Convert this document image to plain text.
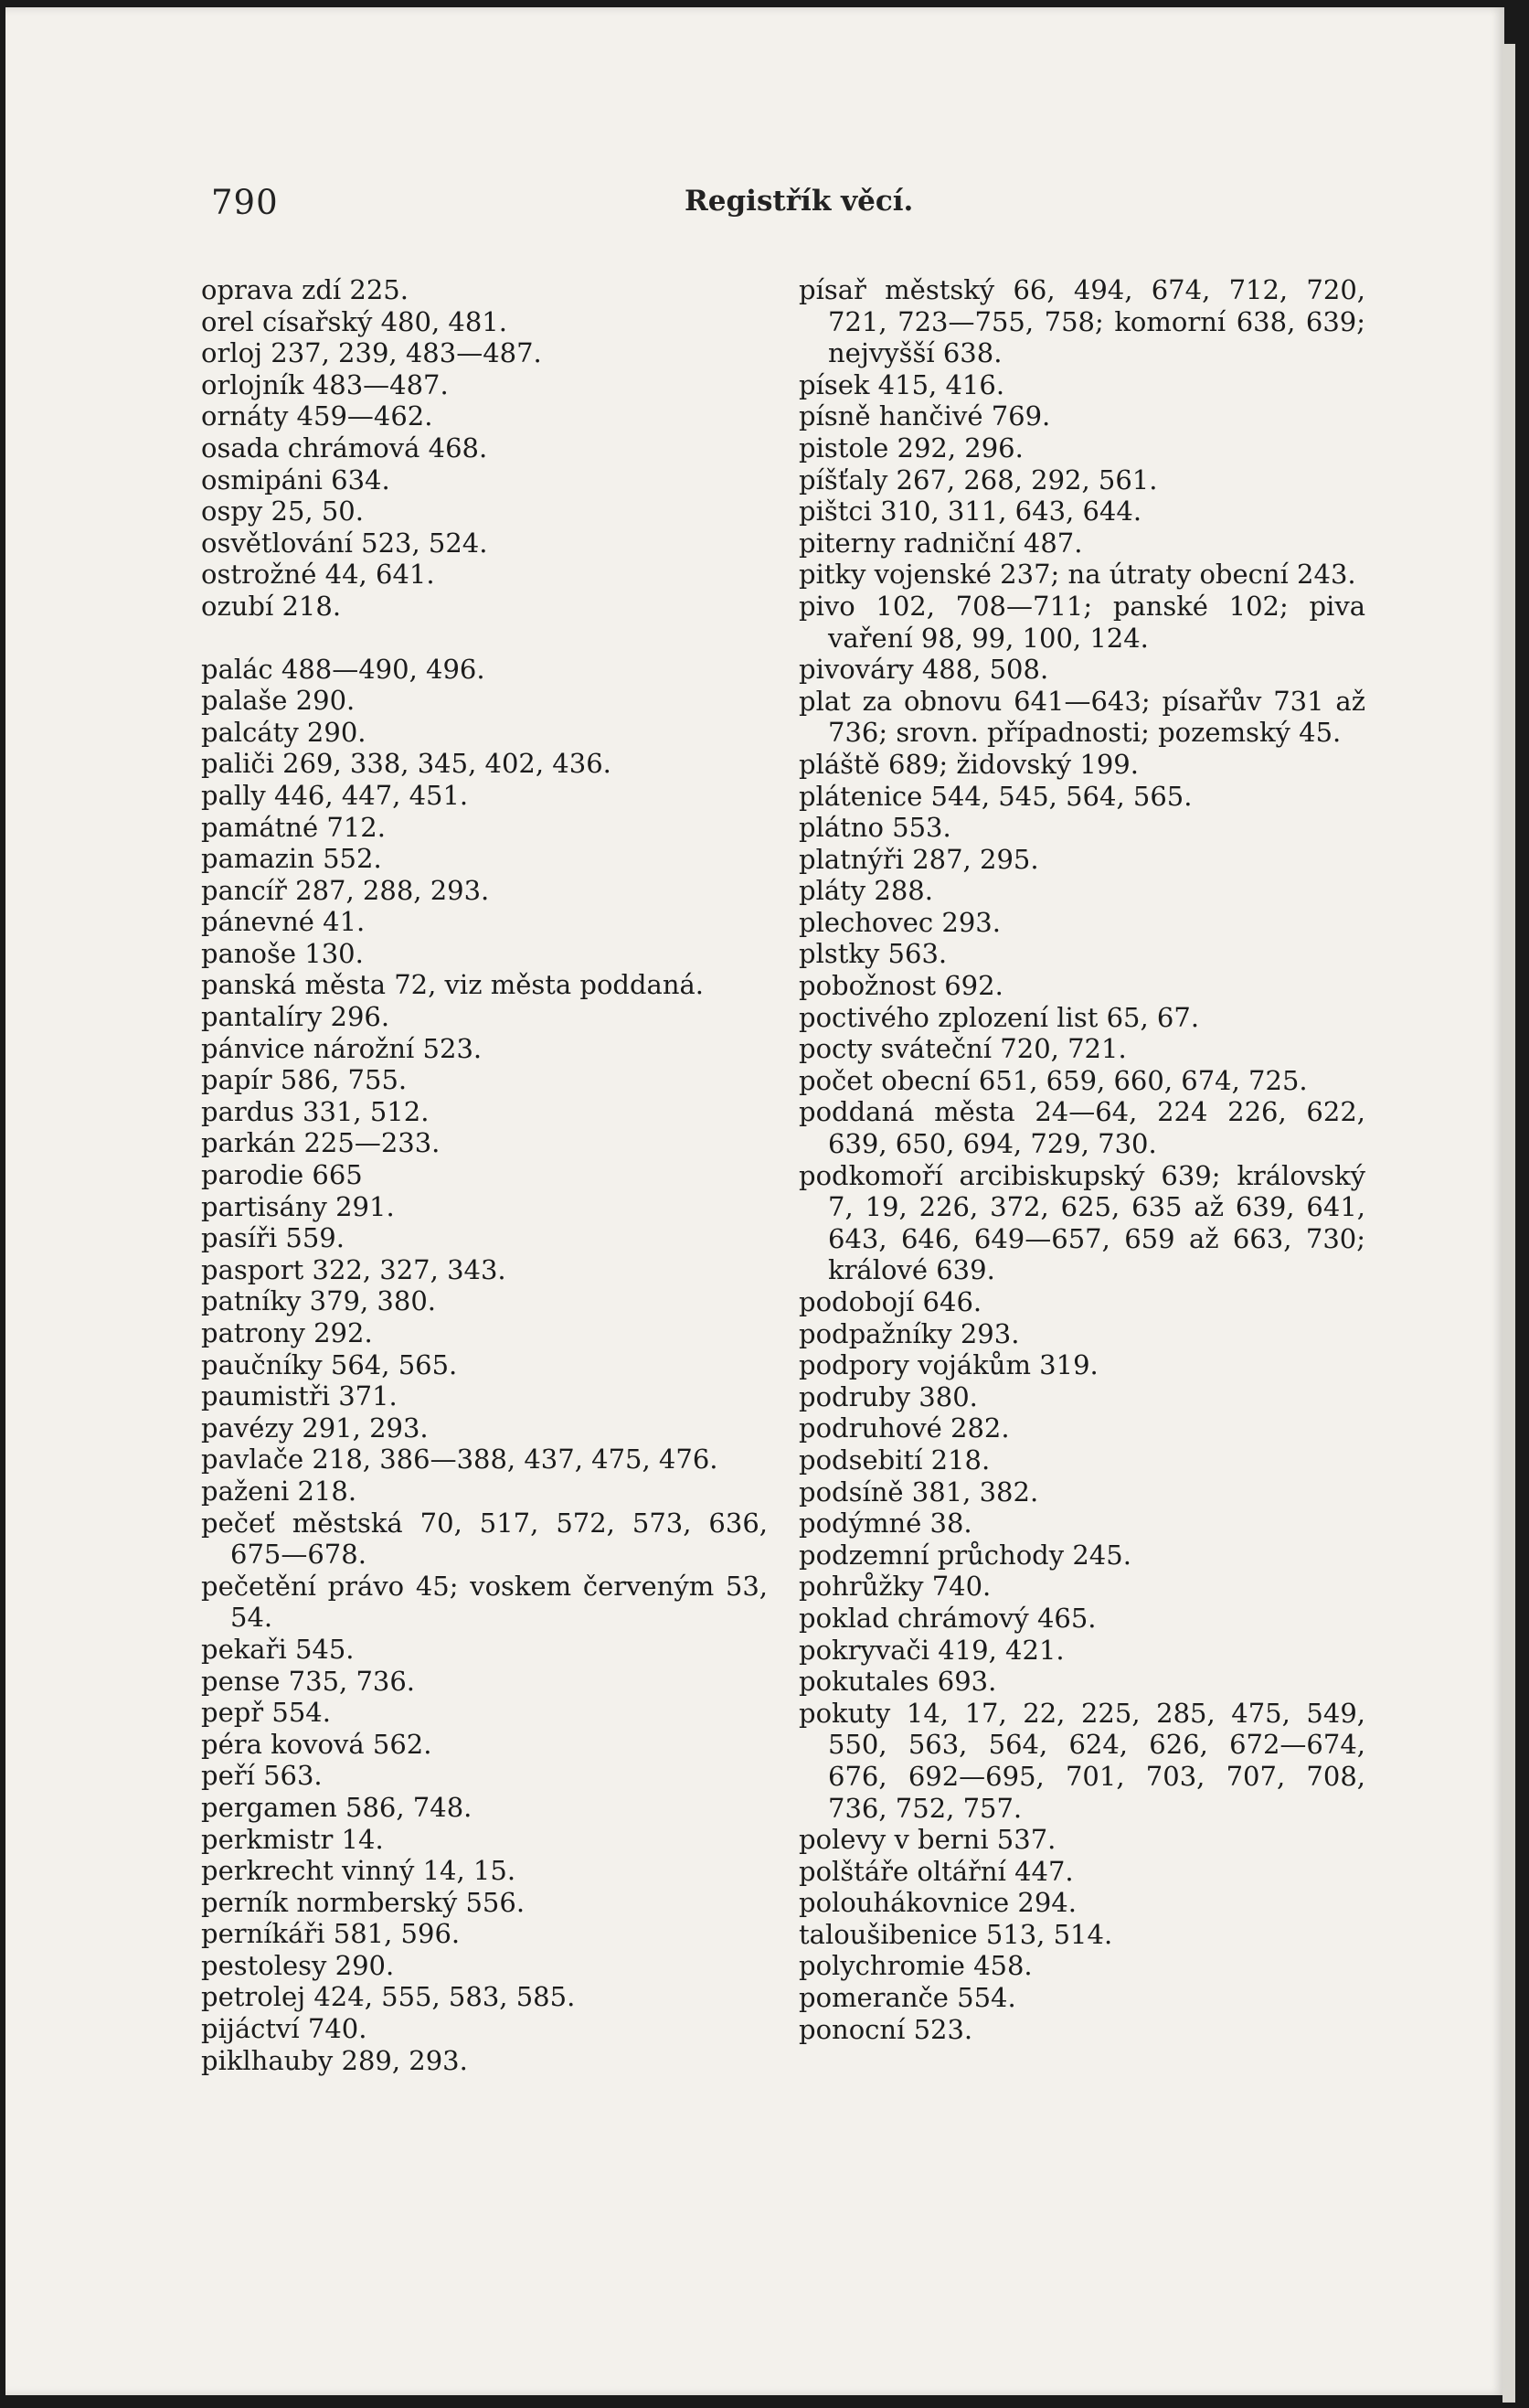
790	Registřík věcí.
oprava zdí 225.
orel císařský 480, 481.
orloj 237, 239, 483—487.
orlojník 483—487.
ornáty 459—462.
osada chrámová 468.
osmipáni 634.
ospy 25, 50.
osvětlování 523, 524.
ostrožné 44, 641.
ozubí 218.
palác 488—490, 496.
palaše 290.
palcáty 290.
paliči 269, 338, 345, 402, 436.
pally 446, 447, 451.
památné 712.
pamazin 552.
pancíř 287, 288, 293.
pánevné 41.
panoše 130.
panská města 72, viz města poddaná.
pantalíry 296.
pánvice nárožní 523.
papír 586, 755.
pardus 331, 512.
parkán 225—233.
parodie 665
partisány 291.
pasíři 559.
pasport 322, 327, 343.
patníky 379, 380.
patrony 292.
paučníky 564, 565.
paumistři 371.
pavézy 291, 293.
pavlače 218, 386—388, 437, 475, 476.
paženi 218.
pečeť městská 70, 517, 572, 573, 636, 675—678.
pečetění právo 45; voskem červeným 53, 54.
pekaři 545.
pense 735, 736.
pepř 554.
péra kovová 562.
peří 563.
pergamen 586, 748.
perkmistr 14.
perkrecht vinný 14, 15.
perník normberský 556.
perníkáři 581, 596.
pestolesy 290.
petrolej 424, 555, 583, 585.
pijáctví 740.
piklhauby 289, 293.
písař městský 66, 494, 674, 712, 720, 721, 723—755, 758; komorní 638, 639; nejvyšší 638.
písek 415, 416.
písně hančivé 769.
pistole 292, 296.
píšťaly 267, 268, 292, 561.
pištci 310, 311, 643, 644.
piterny radniční 487.
pitky vojenské 237; na útraty obecní 243.
pivo 102, 708—711; panské 102; piva vaření 98, 99, 100, 124.
pivováry 488, 508.
plat za obnovu 641—643; písařův 731 až 736; srovn. případnosti; pozemský 45.
pláště 689; židovský 199.
plátenice 544, 545, 564, 565.
plátno 553.
platnýři 287, 295.
pláty 288.
plechovec 293.
plstky 563.
pobožnost 692.
poctivého zplození list 65, 67.
pocty sváteční 720, 721.
počet obecní 651, 659, 660, 674, 725.
poddaná města 24—64, 224 226, 622, 639, 650, 694, 729, 730.
podkomoří arcibiskupský 639; královský 7, 19, 226, 372, 625, 635 až 639, 641, 643, 646, 649—657, 659 až 663, 730; králové 639.
podobojí 646.
podpažníky 293.
podpory vojákům 319.
podruby 380.
podruhové 282.
podsebití 218.
podsíně 381, 382.
podýmné 38.
podzemní průchody 245.
pohrůžky 740.
poklad chrámový 465.
pokryvači 419, 421.
pokutales 693.
pokuty 14, 17, 22, 225, 285, 475, 549, 550, 563, 564, 624, 626, 672—674, 676, 692—695, 701, 703, 707, 708, 736, 752, 757.
polevy v berni 537.
polštáře oltářní 447.
polouhákovnice 294.
taloušibenice 513, 514.
polychromie 458.
pomeranče 554.
ponocní 523.
